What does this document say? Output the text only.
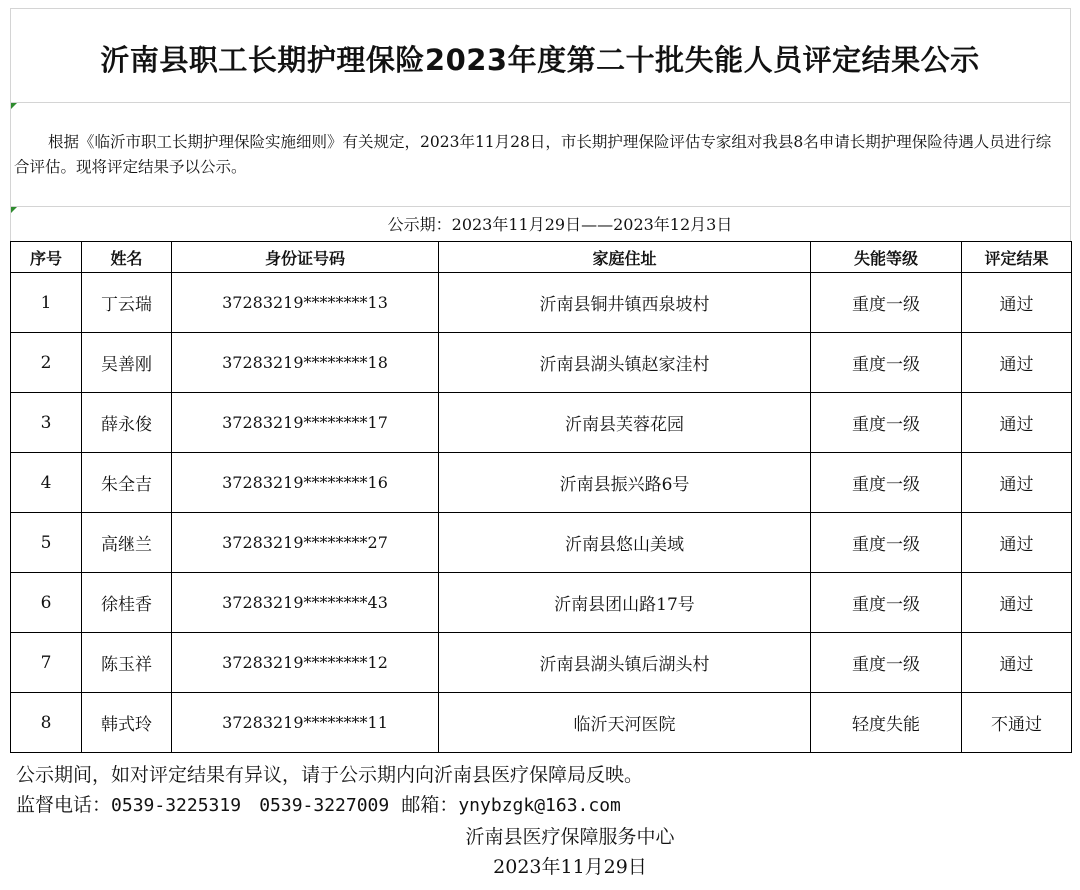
沂南县职工长期护理保险2023年度第二十批失能人员评定结果公示
根据《临沂市职工长期护理保险实施细则》有关规定，2023年11月28日，市长期护理保险评估专家组对我县8名申请长期护理保险待遇人员进行综合评估。现将评定结果予以公示。
公示期：2023年11月29日——2023年12月3日
序号	姓名	身份证号码	家庭住址	失能等级	评定结果
1	丁云瑞	37283219********13	沂南县铜井镇西泉坡村	重度一级	通过
2	吴善刚	37283219********18	沂南县湖头镇赵家洼村	重度一级	通过
3	薛永俊	37283219********17	沂南县芙蓉花园	重度一级	通过
4	朱全吉	37283219********16	沂南县振兴路6号	重度一级	通过
5	高继兰	37283219********27	沂南县悠山美域	重度一级	通过
6	徐桂香	37283219********43	沂南县团山路17号	重度一级	通过
7	陈玉祥	37283219********12	沂南县湖头镇后湖头村	重度一级	通过
8	韩式玲	37283219********11	临沂天河医院	轻度失能	不通过
公示期间，如对评定结果有异议，请于公示期内向沂南县医疗保障局反映。
监督电话：0539-3225319 0539-3227009 邮箱：ynybzgk@163.com
沂南县医疗保障服务中心
2023年11月29日
